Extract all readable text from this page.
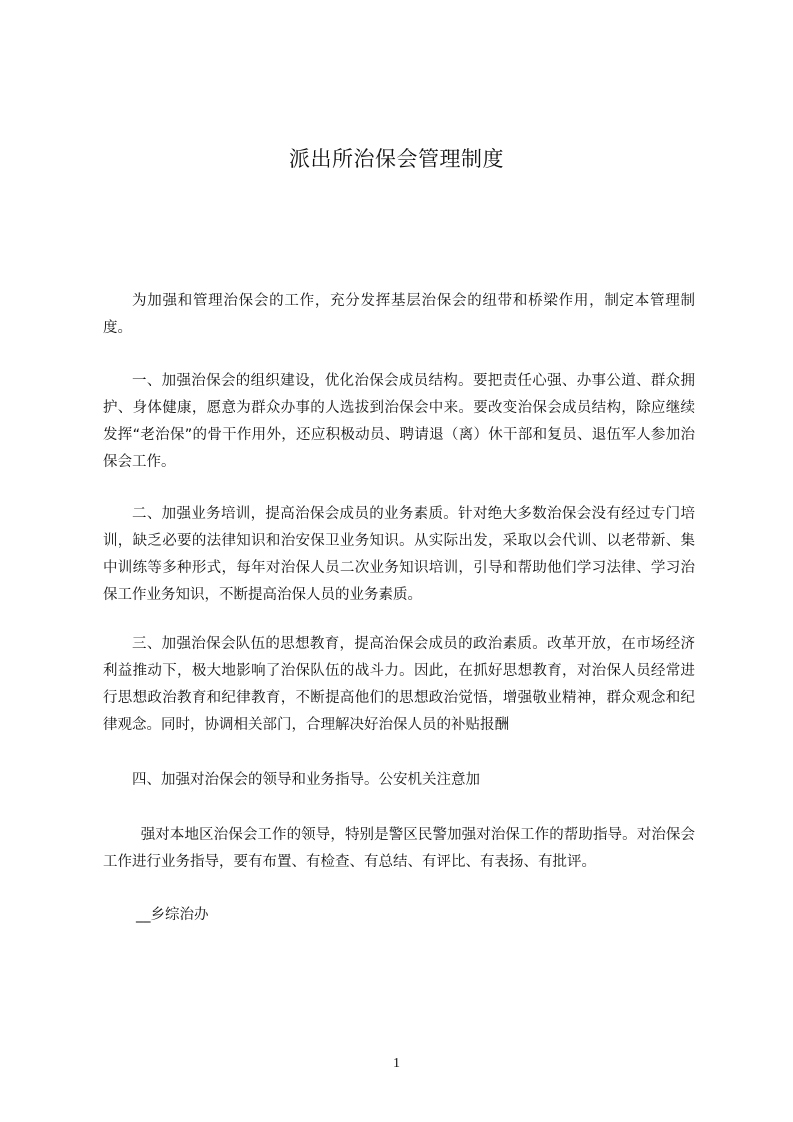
派出所治保会管理制度
为加强和管理治保会的工作，充分发挥基层治保会的纽带和桥梁作用，制定本管理制度。
一、加强治保会的组织建设，优化治保会成员结构。要把责任心强、办事公道、群众拥护、身体健康，愿意为群众办事的人选拔到治保会中来。要改变治保会成员结构，除应继续发挥“老治保”的骨干作用外，还应积极动员、聘请退（离）休干部和复员、退伍军人参加治保会工作。
二、加强业务培训，提高治保会成员的业务素质。针对绝大多数治保会没有经过专门培训，缺乏必要的法律知识和治安保卫业务知识。从实际出发，采取以会代训、以老带新、集中训练等多种形式，每年对治保人员二次业务知识培训，引导和帮助他们学习法律、学习治保工作业务知识，不断提高治保人员的业务素质。
三、加强治保会队伍的思想教育，提高治保会成员的政治素质。改革开放，在市场经济利益推动下，极大地影响了治保队伍的战斗力。因此，在抓好思想教育，对治保人员经常进行思想政治教育和纪律教育，不断提高他们的思想政治觉悟，增强敬业精神，群众观念和纪律观念。同时，协调相关部门，合理解决好治保人员的补贴报酬
四、加强对治保会的领导和业务指导。公安机关注意加
强对本地区治保会工作的领导，特别是警区民警加强对治保工作的帮助指导。对治保会工作进行业务指导，要有布置、有检查、有总结、有评比、有表扬、有批评。
__乡综治办
1
